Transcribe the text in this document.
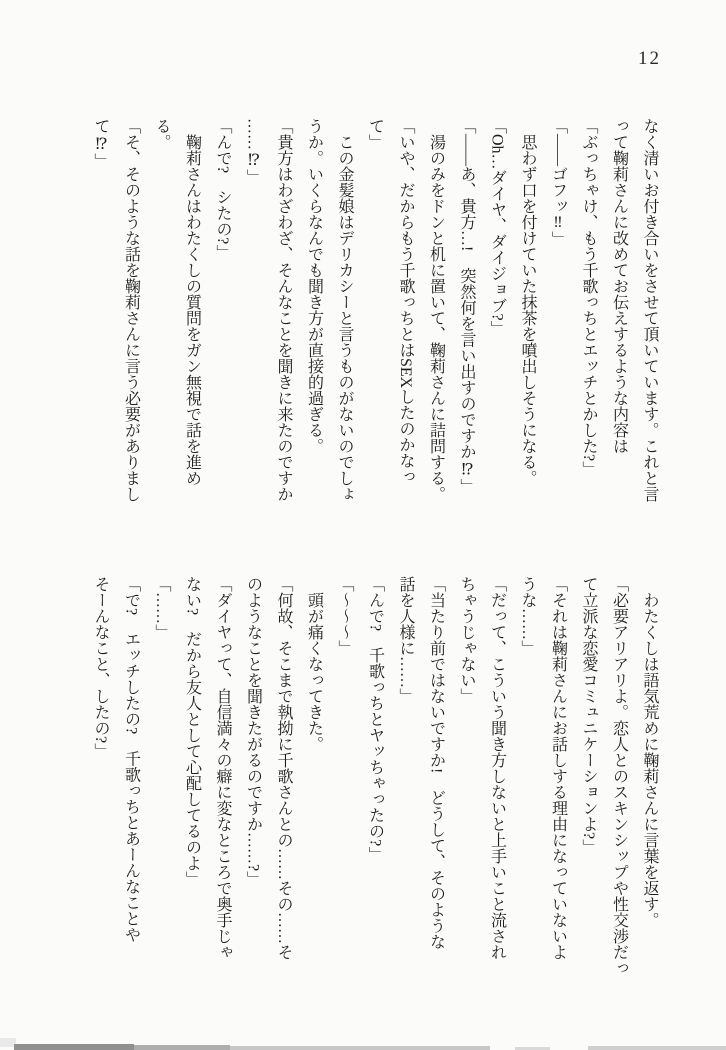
12

なく清いお付き合いをさせて頂いています。これと言

って鞠莉さんに改めてお伝えするような内容は

「ぶっちゃけ、もう千歌っちとエッチとかした?」

「――ゴフッ‼」

　思わず口を付けていた抹茶を噴出しそうになる。

「Oh…ダイヤ、ダイジョブ?」

「――あ、貴方…!　突然何を言い出すのですか⁉」

　湯のみをドンと机に置いて、鞠莉さんに詰問する。

「いや、だからもう千歌っちとはSEXしたのかなっ

て」

　この金髪娘はデリカシーと言うものがないのでしょ

うか。いくらなんでも聞き方が直接的過ぎる。

「貴方はわざわざ、そんなことを聞きに来たのですか

……⁉」

「んで?　シたの?」

　鞠莉さんはわたくしの質問をガン無視で話を進め

る。

「そ、そのような話を鞠莉さんに言う必要がありまし

て⁉」

　わたくしは語気荒めに鞠莉さんに言葉を返す。

「必要アリアリよ。恋人とのスキンシップや性交渉だっ

て立派な恋愛コミュニケーションよ?」

「それは鞠莉さんにお話しする理由になっていないよ

うな……」

「だって、こういう聞き方しないと上手いこと流され

ちゃうじゃない」

「当たり前ではないですか!　どうして、そのような

話を人様に……」

「んで?　千歌っちとヤッちゃったの?」

「〜〜〜」

　頭が痛くなってきた。

「何故、そこまで執拗に千歌さんとの……その……そ

のようなことを聞きたがるのですか……?」

「ダイヤって、自信満々の癖に変なところで奥手じゃ

ない?　だから友人として心配してるのよ」

「……」

「で?　エッチしたの?　千歌っちとあーんなことや

そーんなこと、したの?」
